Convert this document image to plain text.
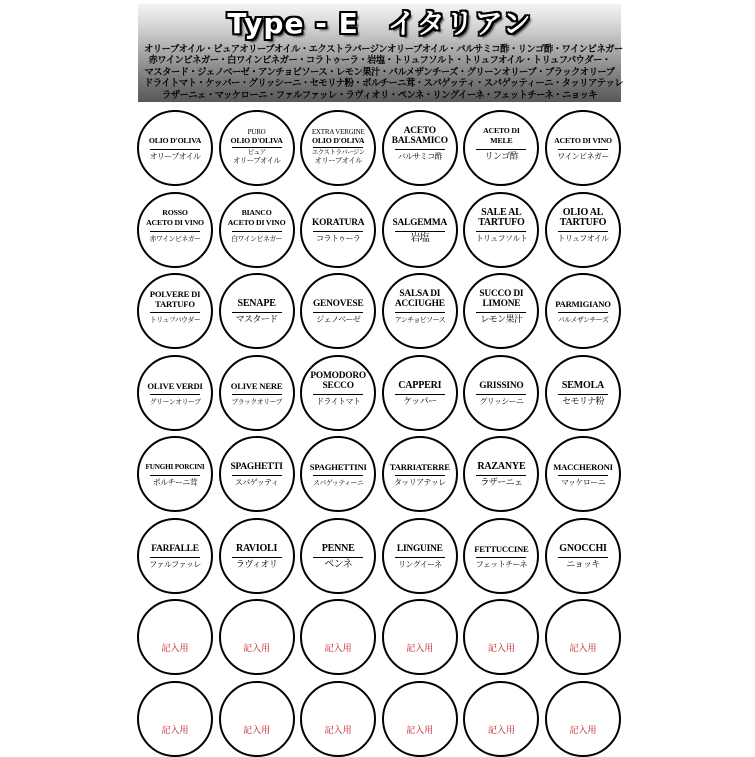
Type - E　イタリアン
オリーブオイル・ピュアオリーブオイル・エクストラバージンオリーブオイル・バルサミコ酢・リンゴ酢・ワインビネガー
赤ワインビネガー・白ワインビネガー・コラトゥーラ・岩塩・トリュフソルト・トリュフオイル・トリュフパウダー・
マスタード・ジェノベーゼ・アンチョビソース・レモン果汁・パルメザンチーズ・グリーンオリーブ・ブラックオリーブ
ドライトマト・ケッパー・グリッシーニ・セモリナ粉・ポルチーニ茸・スパゲッティ・スパゲッティーニ・タッリアテッレ
ラザーニェ・マッケローニ・ファルファッレ・ラヴィオリ・ペンネ・リングイーネ・フェットチーネ・ニョッキ
OLIO D'OLIVA
オリーブオイル
PURO
OLIO D'OLIVA
ピュア
オリーブオイル
EXTRA VERGINE
OLIO D'OLIVA
エクストラバージン
オリーブオイル
ACETO
BALSAMICO
バルサミコ酢
ACETO DI MELE
リンゴ酢
ACETO DI VINO
ワインビネガー
ROSSO
ACETO DI VINO
赤ワインビネガー
BIANCO
ACETO DI VINO
白ワインビネガー
KORATURA
コラトゥーラ
SALGEMMA
岩塩
SALE AL
TARTUFO
トリュフソルト
OLIO AL
TARTUFO
トリュフオイル
POLVERE DI
TARTUFO
トリュフパウダー
SENAPE
マスタード
GENOVESE
ジェノベーゼ
SALSA DI
ACCIUGHE
アンチョビソース
SUCCO DI
LIMONE
レモン果汁
PARMIGIANO
パルメザンチーズ
OLIVE VERDI
グリーンオリーブ
OLIVE NERE
ブラックオリーブ
POMODORO
SECCO
ドライトマト
CAPPERI
ケッパー
GRISSINO
グリッシーニ
SEMOLA
セモリナ粉
FUNGHI PORCINI
ポルチーニ茸
SPAGHETTI
スパゲッティ
SPAGHETTINI
スパゲッティーニ
TARRIATERRE
タッリアテッレ
RAZANYE
ラザーニェ
MACCHERONI
マッケローニ
FARFALLE
ファルファッレ
RAVIOLI
ラヴィオリ
PENNE
ペンネ
LINGUINE
リングイーネ
FETTUCCINE
フェットチーネ
GNOCCHI
ニョッキ
記入用	記入用	記入用	記入用	記入用	記入用
記入用	記入用	記入用	記入用	記入用	記入用
